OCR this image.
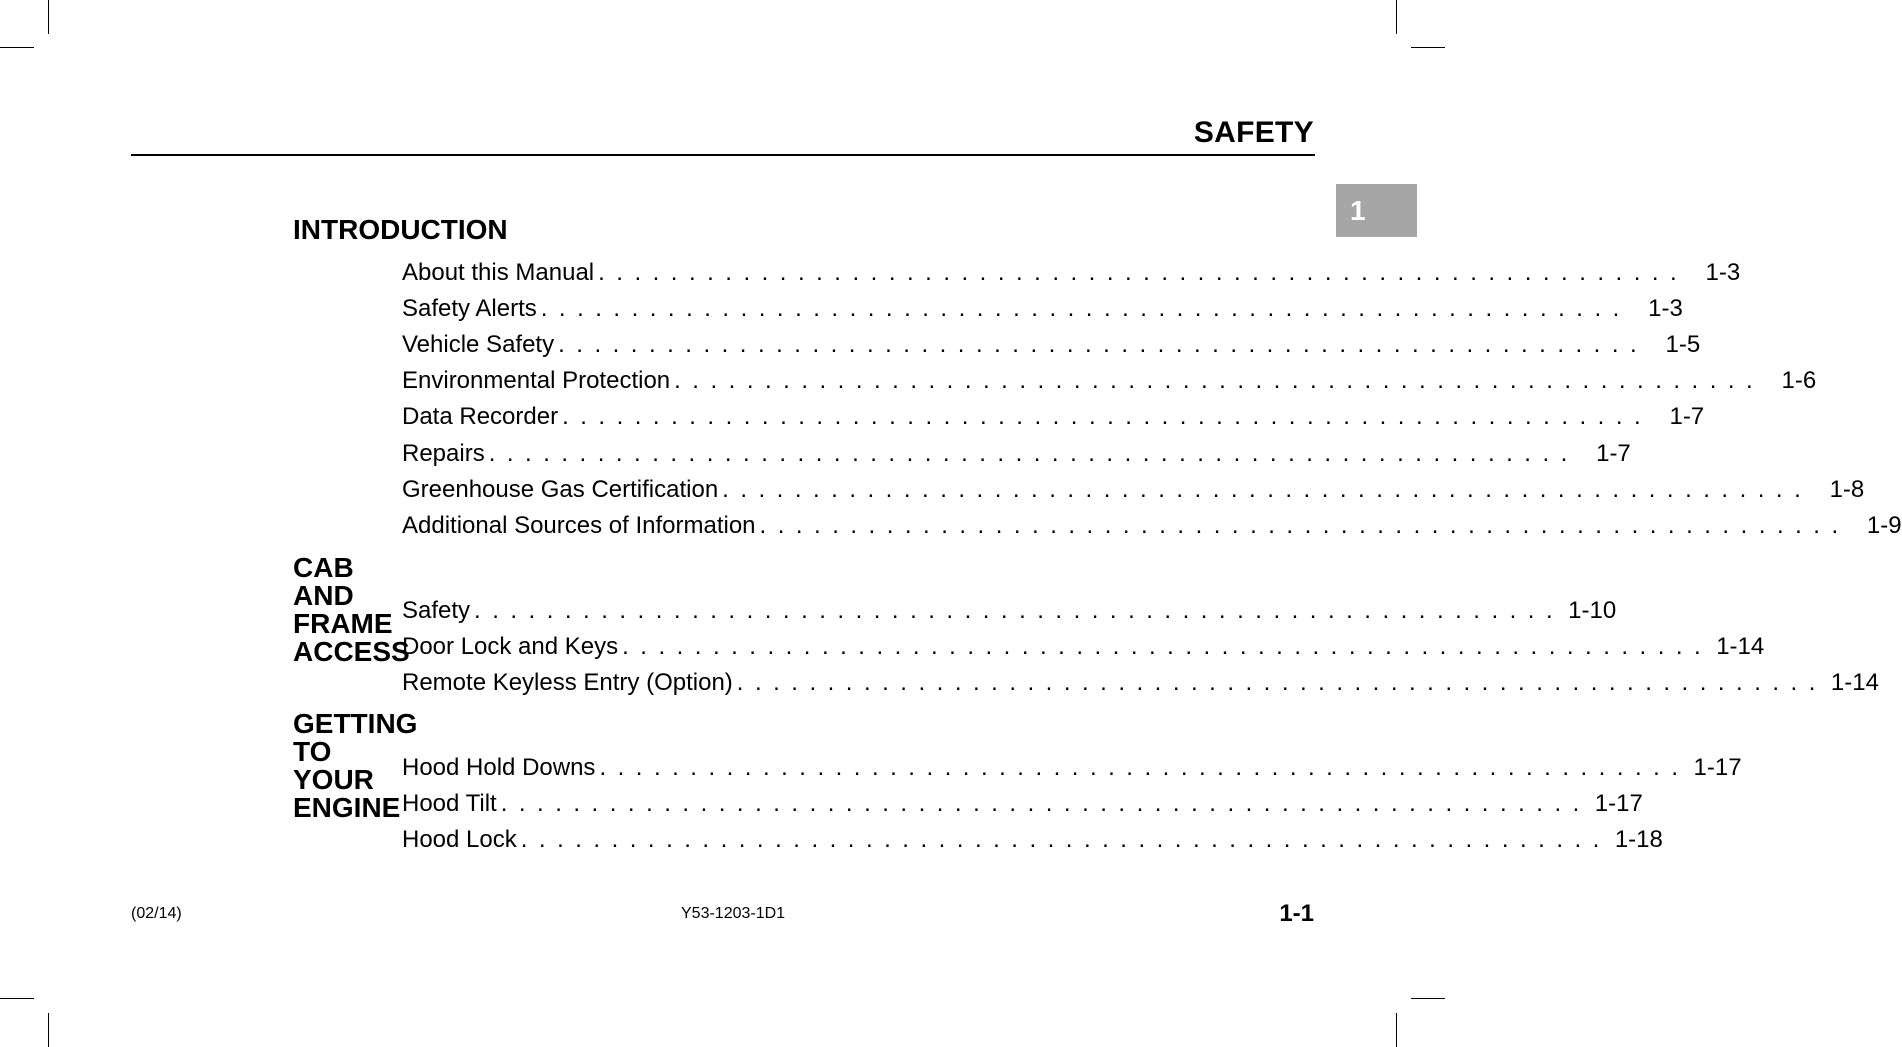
SAFETY
1
INTRODUCTION
About this Manual ............................................................ 1-3
Safety Alerts ............................................................ 1-3
Vehicle Safety ............................................................ 1-5
Environmental Protection ............................................................ 1-6
Data Recorder ............................................................ 1-7
Repairs ............................................................ 1-7
Greenhouse Gas Certification ............................................................ 1-8
Additional Sources of Information ............................................................ 1-9
CAB AND FRAME ACCESS
Safety ............................................................ 1-10
Door Lock and Keys ............................................................ 1-14
Remote Keyless Entry (Option) ............................................................ 1-14
GETTING TO YOUR ENGINE
Hood Hold Downs ............................................................ 1-17
Hood Tilt ............................................................ 1-17
Hood Lock ............................................................ 1-18
(02/14)	Y53-1203-1D1	1-1
